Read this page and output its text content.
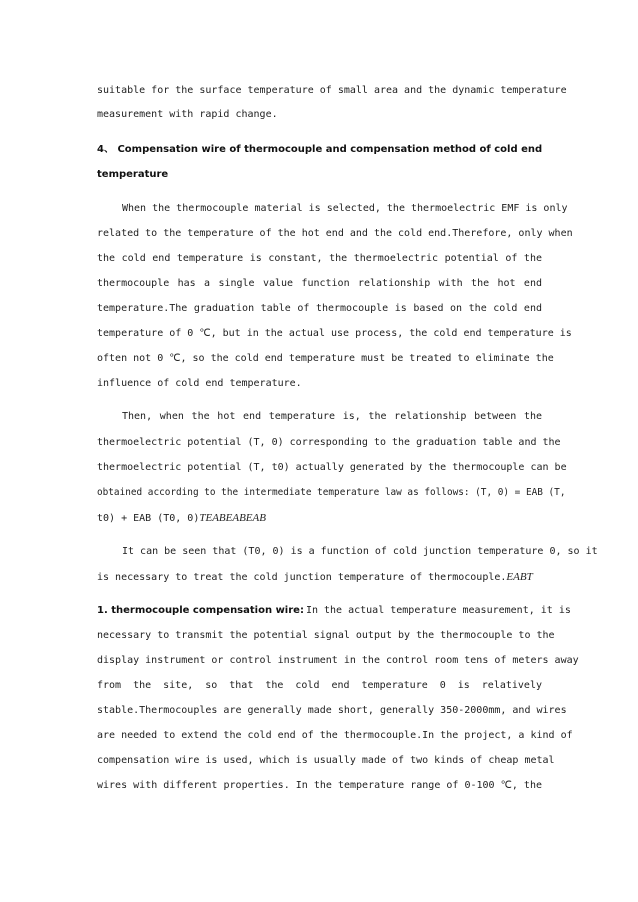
suitable for the surface temperature of small area and the dynamic temperature
measurement with rapid change.
4、 Compensation wire of thermocouple and compensation method of cold end
temperature
When the thermocouple material is selected, the thermoelectric EMF is only
related to the temperature of the hot end and the cold end.Therefore, only when
the cold end temperature is constant, the thermoelectric potential of the
thermocouple has a single value function relationship with the hot end
temperature.The graduation table of thermocouple is based on the cold end
temperature of 0 ℃, but in the actual use process, the cold end temperature is
often not 0 ℃, so the cold end temperature must be treated to eliminate the
influence of cold end temperature.
Then, when the hot end temperature is, the relationship between the
thermoelectric potential (T, 0) corresponding to the graduation table and the
thermoelectric potential (T, t0) actually generated by the thermocouple can be
obtained according to the intermediate temperature law as follows: (T, 0) = EAB (T,
t0) + EAB (T0, 0)TEABEABEAB
It can be seen that (T0, 0) is a function of cold junction temperature 0, so it
is necessary to treat the cold junction temperature of thermocouple.EABT
1. thermocouple compensation wire: In the actual temperature measurement, it is
necessary to transmit the potential signal output by the thermocouple to the
display instrument or control instrument in the control room tens of meters away
from the site, so that the cold end temperature 0 is relatively
stable.Thermocouples are generally made short, generally 350-2000mm, and wires
are needed to extend the cold end of the thermocouple.In the project, a kind of
compensation wire is used, which is usually made of two kinds of cheap metal
wires with different properties. In the temperature range of 0-100 ℃, the
